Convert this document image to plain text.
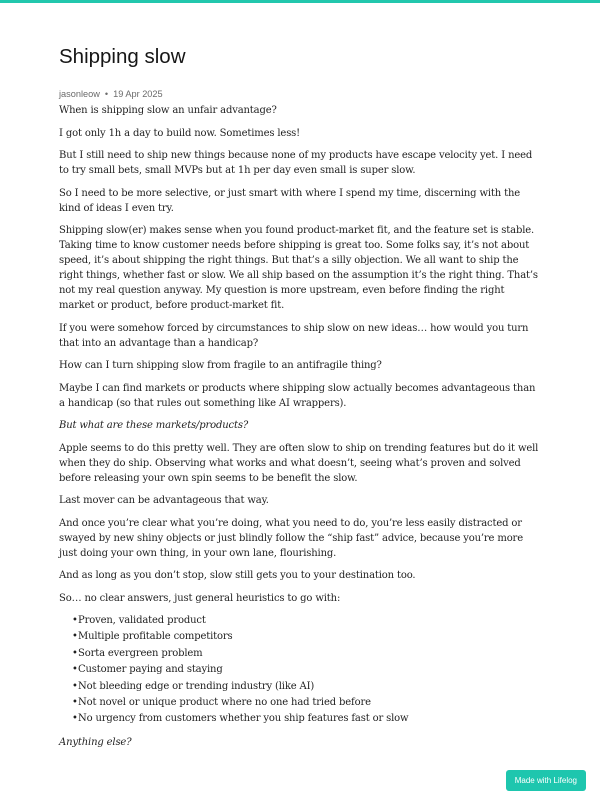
Shipping slow
jasonleow • 19 Apr 2025

When is shipping slow an unfair advantage?

I got only 1h a day to build now. Sometimes less!

But I still need to ship new things because none of my products have escape velocity yet. I need to try small bets, small MVPs but at 1h per day even small is super slow.

So I need to be more selective, or just smart with where I spend my time, discerning with the kind of ideas I even try.

Shipping slow(er) makes sense when you found product-market fit, and the feature set is stable. Taking time to know customer needs before shipping is great too. Some folks say, it’s not about speed, it’s about shipping the right things. But that’s a silly objection. We all want to ship the right things, whether fast or slow. We all ship based on the assumption it’s the right thing. That’s not my real question anyway. My question is more upstream, even before finding the right market or product, before product-market fit.

If you were somehow forced by circumstances to ship slow on new ideas… how would you turn that into an advantage than a handicap?

How can I turn shipping slow from fragile to an antifragile thing?

Maybe I can find markets or products where shipping slow actually becomes advantageous than a handicap (so that rules out something like AI wrappers).

But what are these markets/products?

Apple seems to do this pretty well. They are often slow to ship on trending features but do it well when they do ship. Observing what works and what doesn’t, seeing what’s proven and solved before releasing your own spin seems to be benefit the slow.

Last mover can be advantageous that way.

And once you’re clear what you’re doing, what you need to do, you’re less easily distracted or swayed by new shiny objects or just blindly follow the “ship fast” advice, because you’re more just doing your own thing, in your own lane, flourishing.

And as long as you don’t stop, slow still gets you to your destination too.

So… no clear answers, just general heuristics to go with:

•Proven, validated product
•Multiple profitable competitors
•Sorta evergreen problem
•Customer paying and staying
•Not bleeding edge or trending industry (like AI)
•Not novel or unique product where no one had tried before
•No urgency from customers whether you ship features fast or slow

Anything else?

Made with Lifelog
